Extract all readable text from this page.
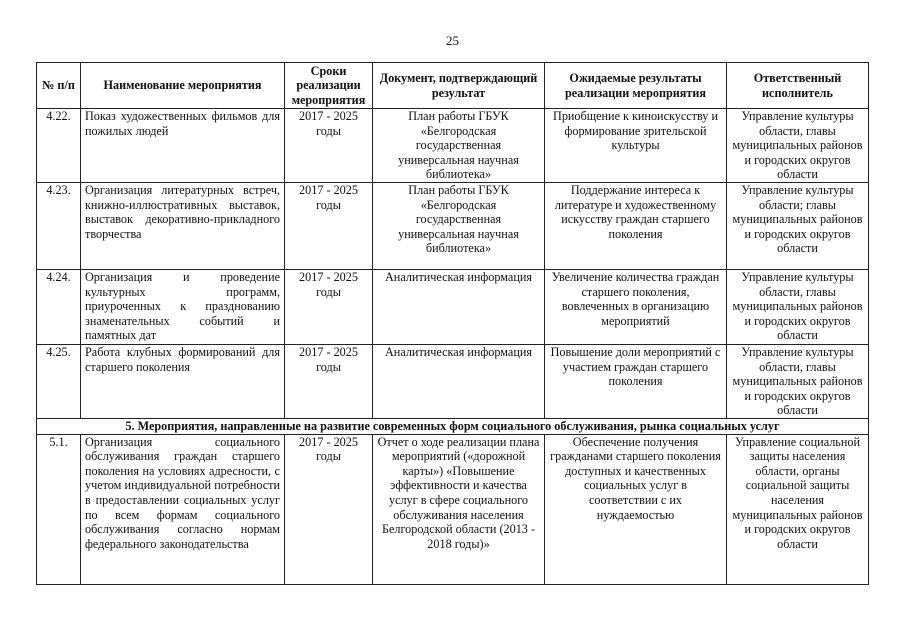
25
№ п/п	Наименование мероприятия	Сроки реализации мероприятия	Документ, подтверждающий результат	Ожидаемые результаты реализации мероприятия	Ответственный исполнитель
4.22.	Показ художественных фильмов для пожилых людей	2017 - 2025 годы	План работы ГБУК «Белгородская государственная универсальная научная библиотека»	Приобщение к киноискусству и формирование зрительской культуры	Управление культуры области, главы муниципальных районов и городских округов области
4.23.	Организация литературных встреч, книжно-иллюстративных выставок, выставок декоративно-прикладного творчества	2017 - 2025 годы	План работы ГБУК «Белгородская государственная универсальная научная библиотека»	Поддержание интереса к литературе и художественному искусству граждан старшего поколения	Управление культуры области; главы муниципальных районов и городских округов области
4.24.	Организация и проведение культурных программ, приуроченных к празднованию знаменательных событий и памятных дат	2017 - 2025 годы	Аналитическая информация	Увеличение количества граждан старшего поколения, вовлеченных в организацию мероприятий	Управление культуры области, главы муниципальных районов и городских округов области
4.25.	Работа клубных формирований для старшего поколения	2017 - 2025 годы	Аналитическая информация	Повышение доли мероприятий с участием граждан старшего поколения	Управление культуры области, главы муниципальных районов и городских округов области
5. Мероприятия, направленные на развитие современных форм социального обслуживания, рынка социальных услуг					
5.1.	Организация социального обслуживания граждан старшего поколения на условиях адресности, с учетом индивидуальной потребности в предоставлении социальных услуг по всем формам социального обслуживания согласно нормам федерального законодательства	2017 - 2025 годы	Отчет о ходе реализации плана мероприятий («дорожной карты») «Повышение эффективности и качества услуг в сфере социального обслуживания населения Белгородской области (2013 - 2018 годы)»	Обеспечение получения гражданами старшего поколения доступных и качественных социальных услуг в соответствии с их нуждаемостью	Управление социальной защиты населения области, органы социальной защиты населения муниципальных районов и городских округов области
